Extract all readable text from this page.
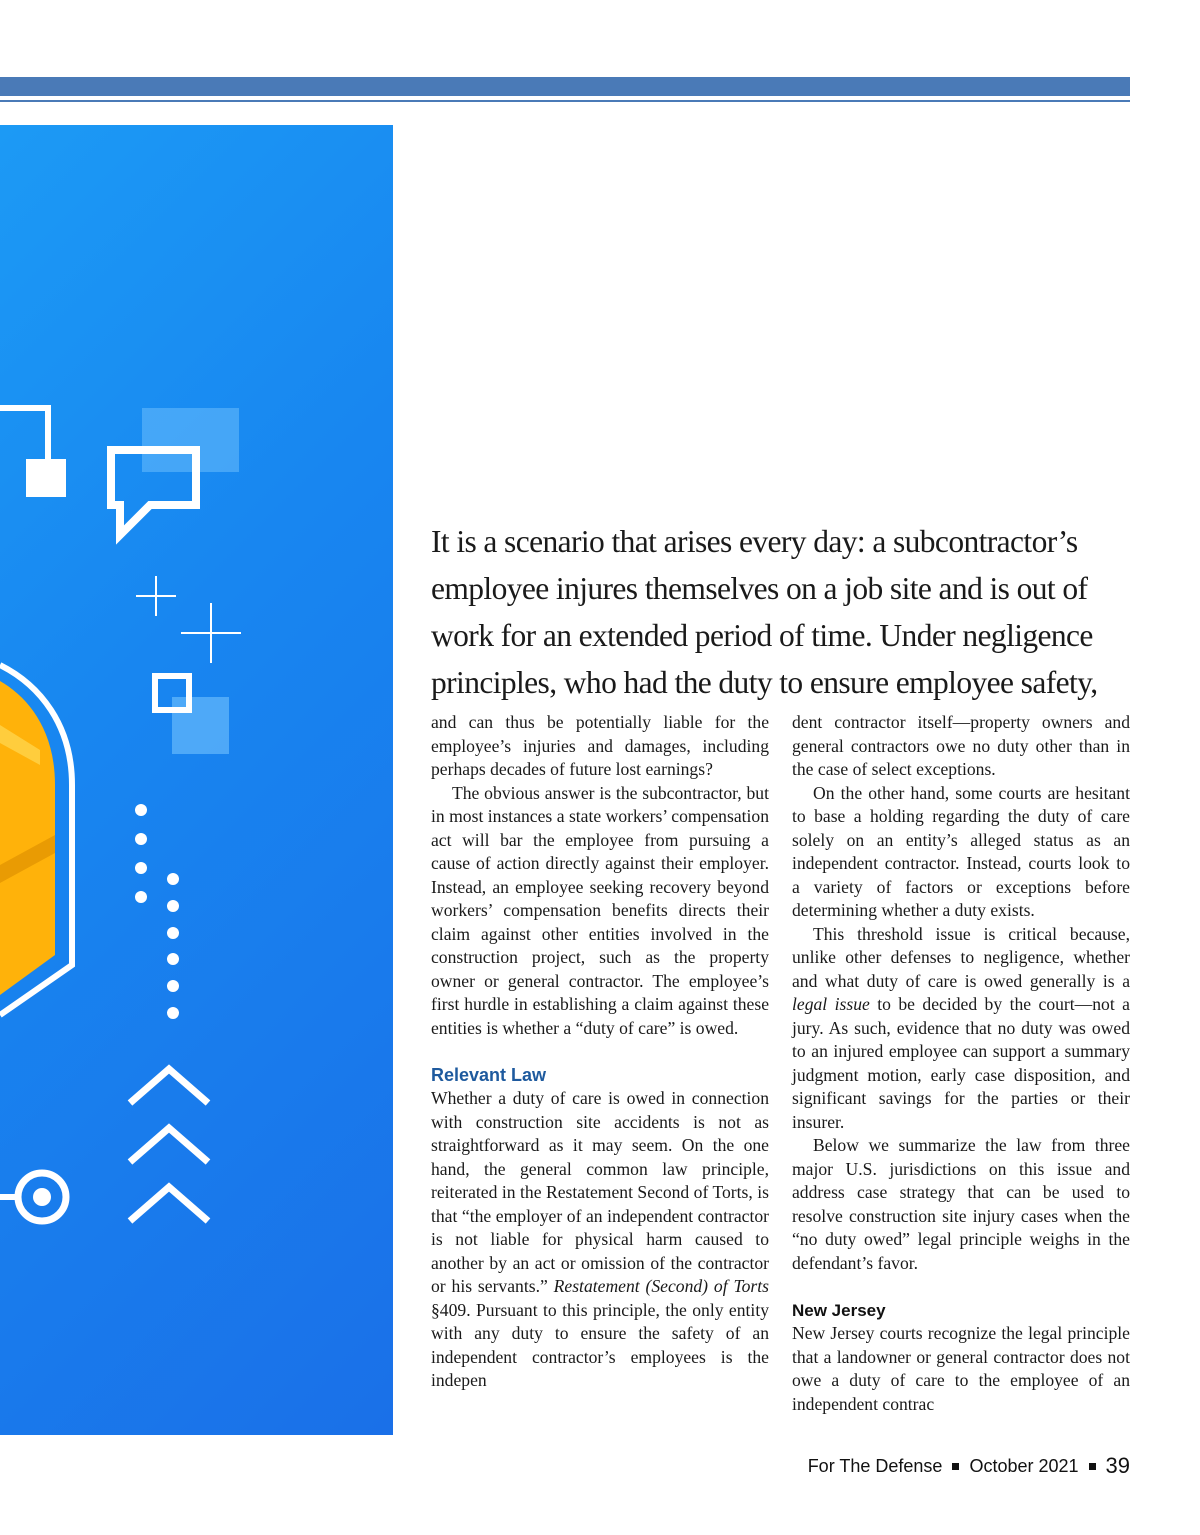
It is a scenario that arises every day: a subcontractor’s

employee injures themselves on a job site and is out of

work for an extended period of time. Under negligence

principles, who had the duty to ensure employee safety,

and can thus be potentially liable for the employee’s injuries and damages, including perhaps decades of future lost earnings?

The obvious answer is the subcontractor, but in most instances a state workers’ compensation act will bar the employee from pursuing a cause of action directly against their employer. Instead, an employee seeking recovery beyond workers’ compensation benefits directs their claim against other entities involved in the construction project, such as the property owner or general contractor. The employee’s first hurdle in establishing a claim against these entities is whether a “duty of care” is owed.

Relevant Law

Whether a duty of care is owed in connection with construction site accidents is not as straightforward as it may seem. On the one hand, the general common law principle, reiterated in the Restatement Second of Torts, is that “the employer of an independent contractor is not liable for physical harm caused to another by an act or omission of the contractor or his servants.” Restatement (Second) of Torts §409. Pursuant to this principle, the only entity with any duty to ensure the safety of an independent contractor’s employees is the indepen

dent contractor itself—property owners and general contractors owe no duty other than in the case of select exceptions.

On the other hand, some courts are hesitant to base a holding regarding the duty of care solely on an entity’s alleged status as an independent contractor. Instead, courts look to a variety of factors or exceptions before determining whether a duty exists.

This threshold issue is critical because, unlike other defenses to negligence, whether and what duty of care is owed generally is a legal issue to be decided by the court—not a jury. As such, evidence that no duty was owed to an injured employee can support a summary judgment motion, early case disposition, and significant savings for the parties or their insurer.

Below we summarize the law from three major U.S. jurisdictions on this issue and address case strategy that can be used to resolve construction site injury cases when the “no duty owed” legal principle weighs in the defendant’s favor.

New Jersey

New Jersey courts recognize the legal principle that a landowner or general contractor does not owe a duty of care to the employee of an independent contrac

For The Defense October 2021 39
